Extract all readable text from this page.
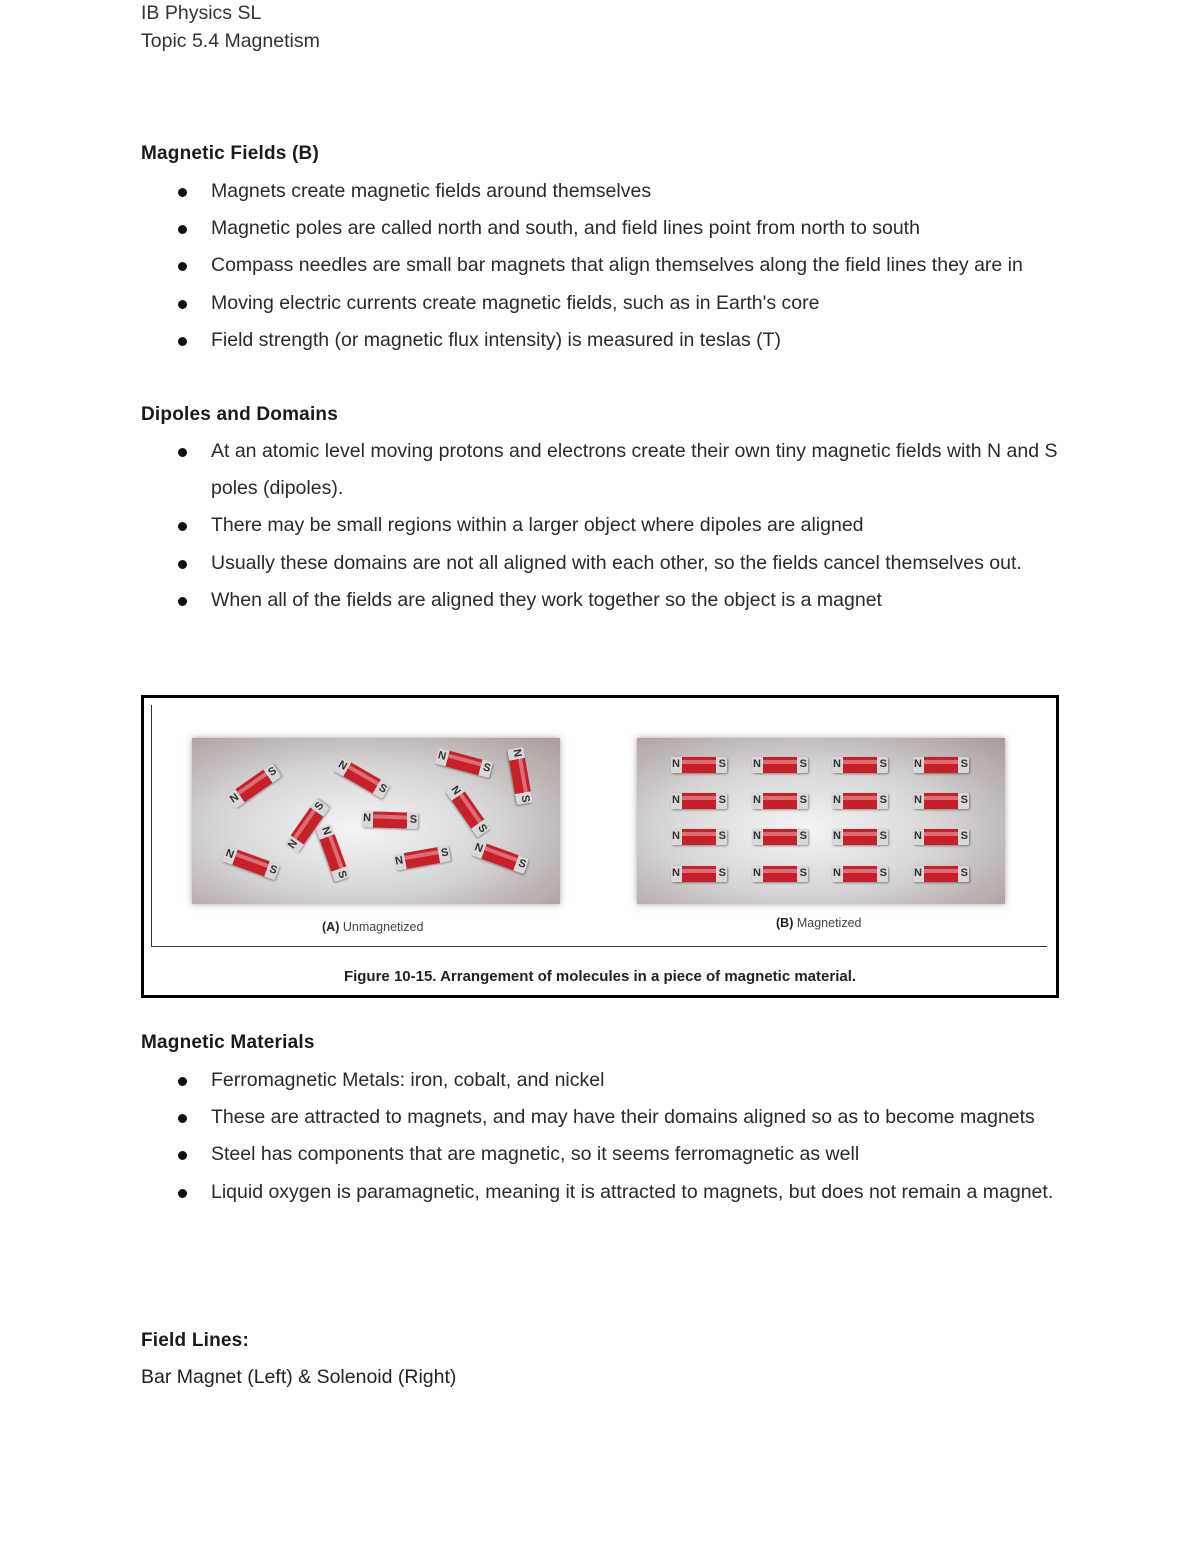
IB Physics SL
Topic 5.4 Magnetism
Magnetic Fields (B)
Magnets create magnetic fields around themselves
Magnetic poles are called north and south, and field lines point from north to south
Compass needles are small bar magnets that align themselves along the field lines they are in
Moving electric currents create magnetic fields, such as in Earth's core
Field strength (or magnetic flux intensity) is measured in teslas (T)
Dipoles and Domains
At an atomic level moving protons and electrons create their own tiny magnetic fields with N and S poles (dipoles).
There may be small regions within a larger object where dipoles are aligned
Usually these domains are not all aligned with each other, so the fields cancel themselves out.
When all of the fields are aligned they work together so the object is a magnet
N
S	N
S
N
S
N
S
N
S
N
S
N	S
N
S
N
S
N
S N
S
N	S N	S N	S N	S
N	S N	S N	S N	S
N	S N	S N	S N	S
N	S N	S N	S N	S
(A) Unmagnetized	(B) Magnetized
Figure 10-15. Arrangement of molecules in a piece of magnetic material.
Magnetic Materials
Ferromagnetic Metals: iron, cobalt, and nickel
These are attracted to magnets, and may have their domains aligned so as to become magnets
Steel has components that are magnetic, so it seems ferromagnetic as well
Liquid oxygen is paramagnetic, meaning it is attracted to magnets, but does not remain a magnet.
Field Lines:
Bar Magnet (Left) & Solenoid (Right)
